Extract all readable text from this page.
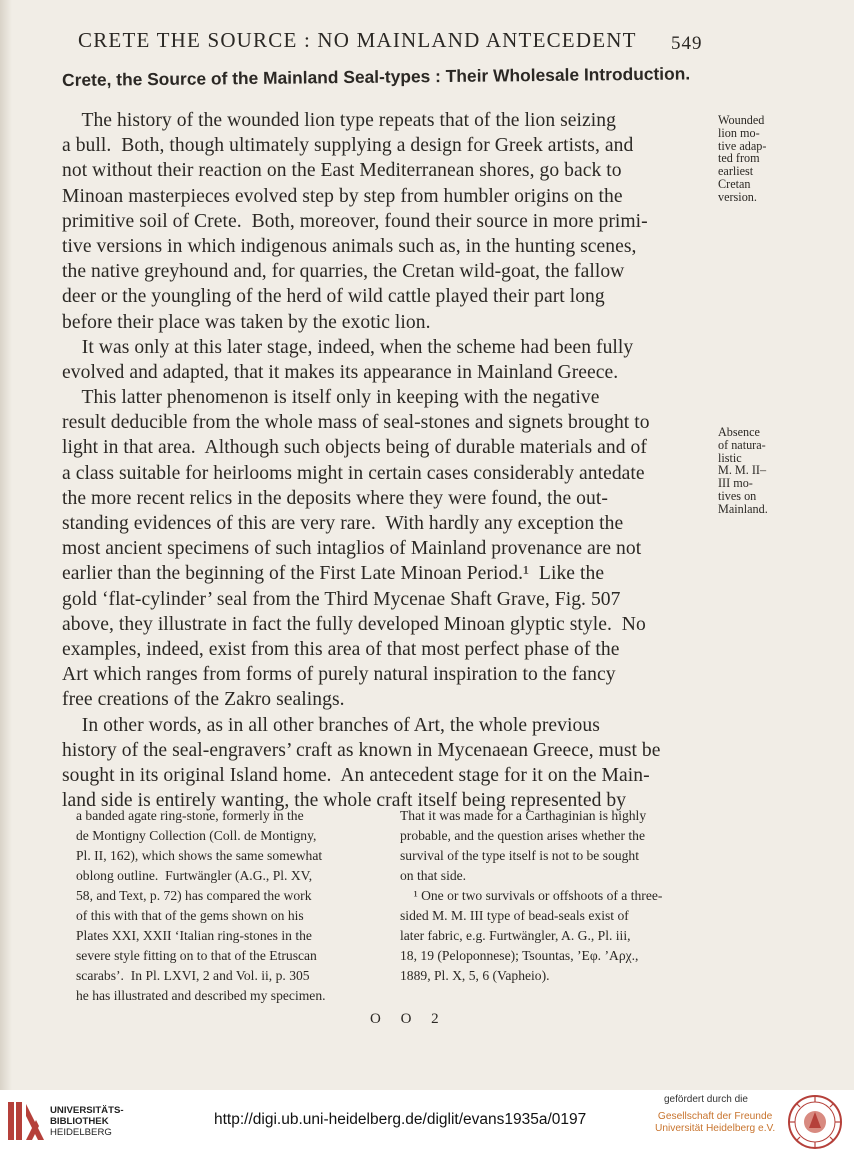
CRETE THE SOURCE : NO MAINLAND ANTECEDENT 549
Crete, the Source of the Mainland Seal-types : Their Wholesale Introduction.
The history of the wounded lion type repeats that of the lion seizing
a bull.  Both, though ultimately supplying a design for Greek artists, and
not without their reaction on the East Mediterranean shores, go back to
Minoan masterpieces evolved step by step from humbler origins on the
primitive soil of Crete.  Both, moreover, found their source in more primi-
tive versions in which indigenous animals such as, in the hunting scenes,
the native greyhound and, for quarries, the Cretan wild-goat, the fallow
deer or the youngling of the herd of wild cattle played their part long
before their place was taken by the exotic lion.
It was only at this later stage, indeed, when the scheme had been fully
evolved and adapted, that it makes its appearance in Mainland Greece.
This latter phenomenon is itself only in keeping with the negative
result deducible from the whole mass of seal-stones and signets brought to
light in that area.  Although such objects being of durable materials and of
a class suitable for heirlooms might in certain cases considerably antedate
the more recent relics in the deposits where they were found, the out-
standing evidences of this are very rare.  With hardly any exception the
most ancient specimens of such intaglios of Mainland provenance are not
earlier than the beginning of the First Late Minoan Period.¹  Like the
gold ‘flat-cylinder’ seal from the Third Mycenae Shaft Grave, Fig. 507
above, they illustrate in fact the fully developed Minoan glyptic style.  No
examples, indeed, exist from this area of that most perfect phase of the
Art which ranges from forms of purely natural inspiration to the fancy
free creations of the Zakro sealings.
In other words, as in all other branches of Art, the whole previous
history of the seal-engravers’ craft as known in Mycenaean Greece, must be
sought in its original Island home.  An antecedent stage for it on the Main-
land side is entirely wanting, the whole craft itself being represented by
Wounded
lion mo-
tive adap-
ted from
earliest
Cretan
version.
Absence
of natura-
listic
M. M. II–
III mo-
tives on
Mainland.
a banded agate ring-stone, formerly in the
de Montigny Collection (Coll. de Montigny,
Pl. II, 162), which shows the same somewhat
oblong outline.  Furtwängler (A.G., Pl. XV,
58, and Text, p. 72) has compared the work
of this with that of the gems shown on his
Plates XXI, XXII ‘Italian ring-stones in the
severe style fitting on to that of the Etruscan
scarabs’.  In Pl. LXVI, 2 and Vol. ii, p. 305
he has illustrated and described my specimen.
That it was made for a Carthaginian is highly
probable, and the question arises whether the
survival of the type itself is not to be sought
on that side.
¹ One or two survivals or offshoots of a three-
sided M. M. III type of bead-seals exist of
later fabric, e.g. Furtwängler, A. G., Pl. iii,
18, 19 (Peloponnese); Tsountas, ’Εφ. ’Αρχ.,
1889, Pl. X, 5, 6 (Vapheio).
O O 2
UNIVERSITÄTS-
BIBLIOTHEK
HEIDELBERG
http://digi.ub.uni-heidelberg.de/diglit/evans1935a/0197
gefördert durch die
Gesellschaft der Freunde
Universität Heidelberg e.V.
